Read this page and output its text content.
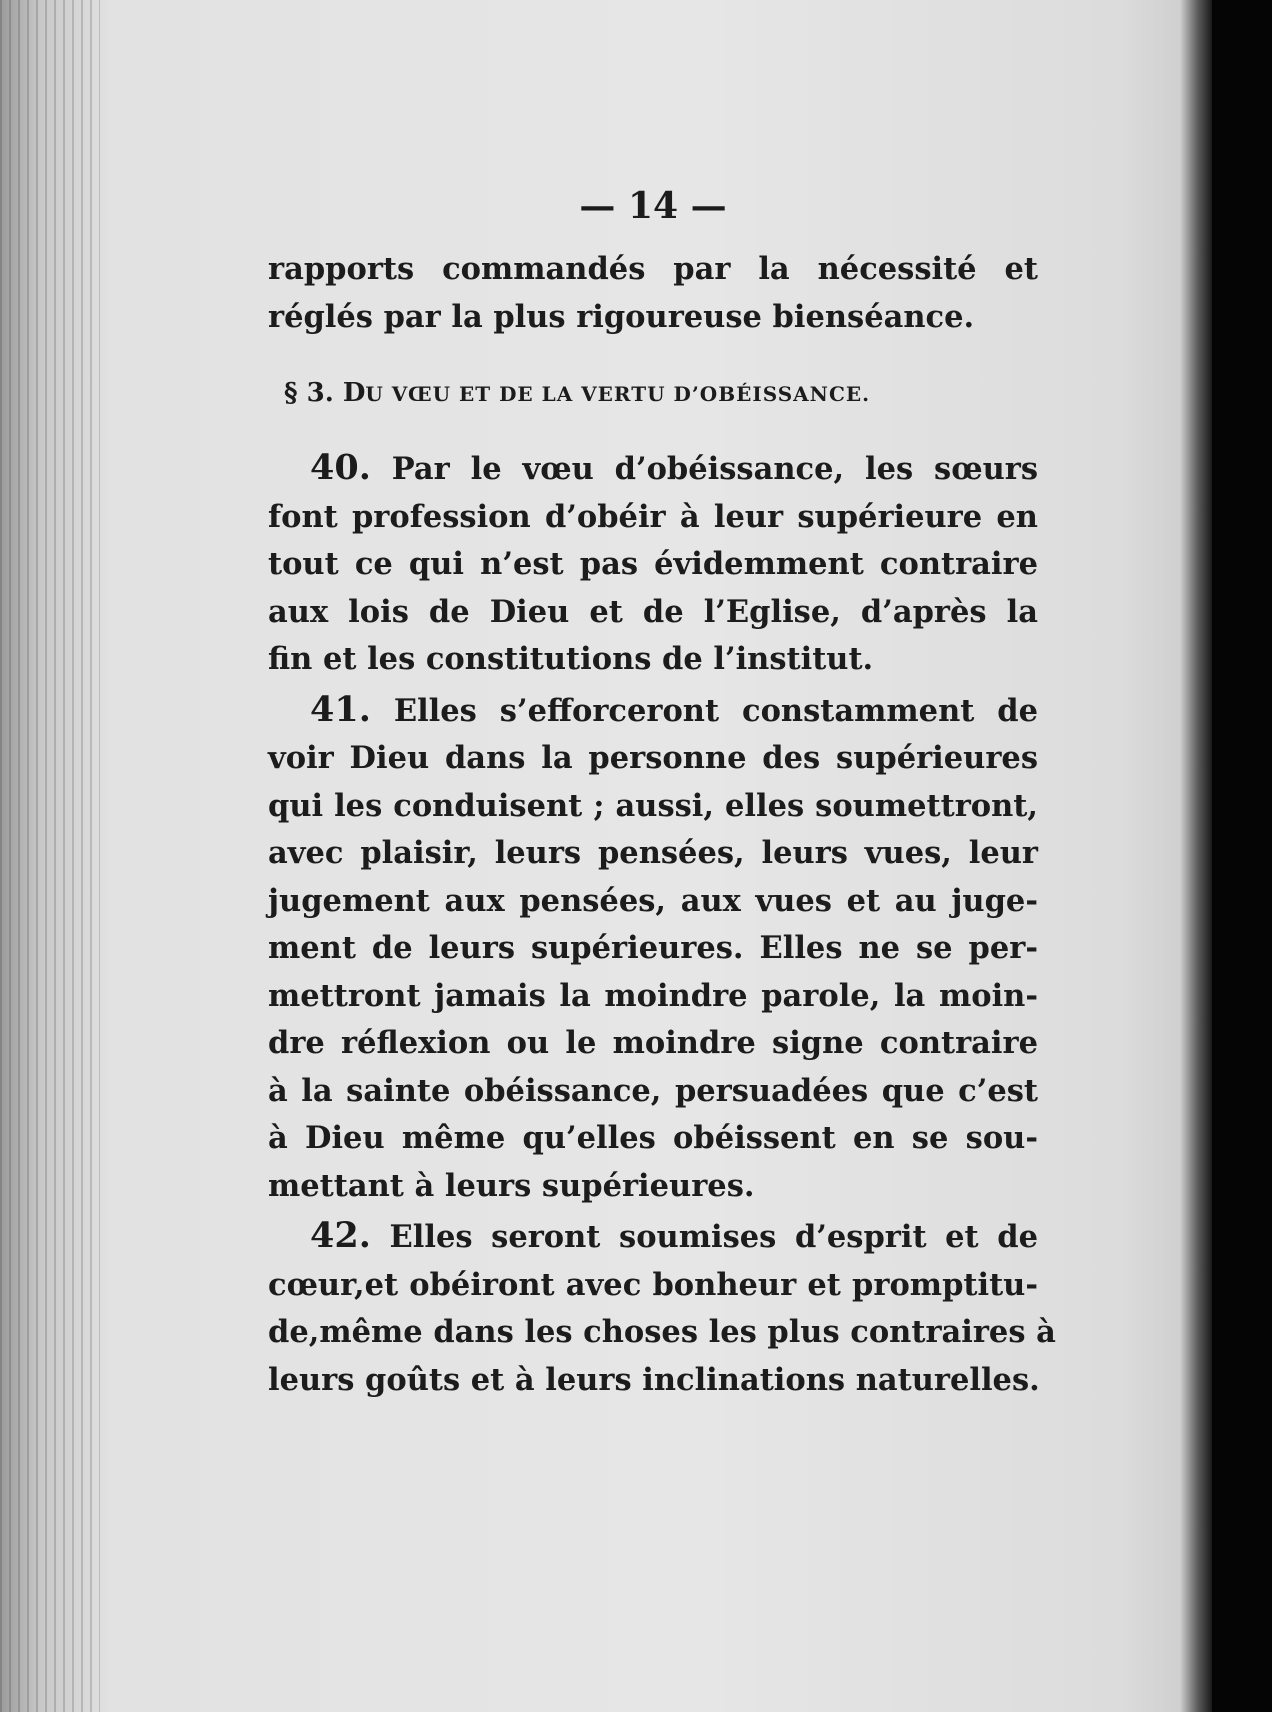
— 14 —
rapports commandés par la nécessité et
réglés par la plus rigoureuse bienséance.
§ 3. DU VŒU ET DE LA VERTU D’OBÉISSANCE.
40. Par le vœu d’obéissance, les sœurs
font profession d’obéir à leur supérieure en
tout ce qui n’est pas évidemment contraire
aux lois de Dieu et de l’Eglise, d’après la
fin et les constitutions de l’institut.
41. Elles s’efforceront constamment de
voir Dieu dans la personne des supérieures
qui les conduisent ; aussi, elles soumettront,
avec plaisir, leurs pensées, leurs vues, leur
jugement aux pensées, aux vues et au juge-
ment de leurs supérieures. Elles ne se per-
mettront jamais la moindre parole, la moin-
dre réflexion ou le moindre signe contraire
à la sainte obéissance, persuadées que c’est
à Dieu même qu’elles obéissent en se sou-
mettant à leurs supérieures.
42. Elles seront soumises d’esprit et de
cœur,et obéiront avec bonheur et promptitu-
de,même dans les choses les plus contraires à
leurs goûts et à leurs inclinations naturelles.
